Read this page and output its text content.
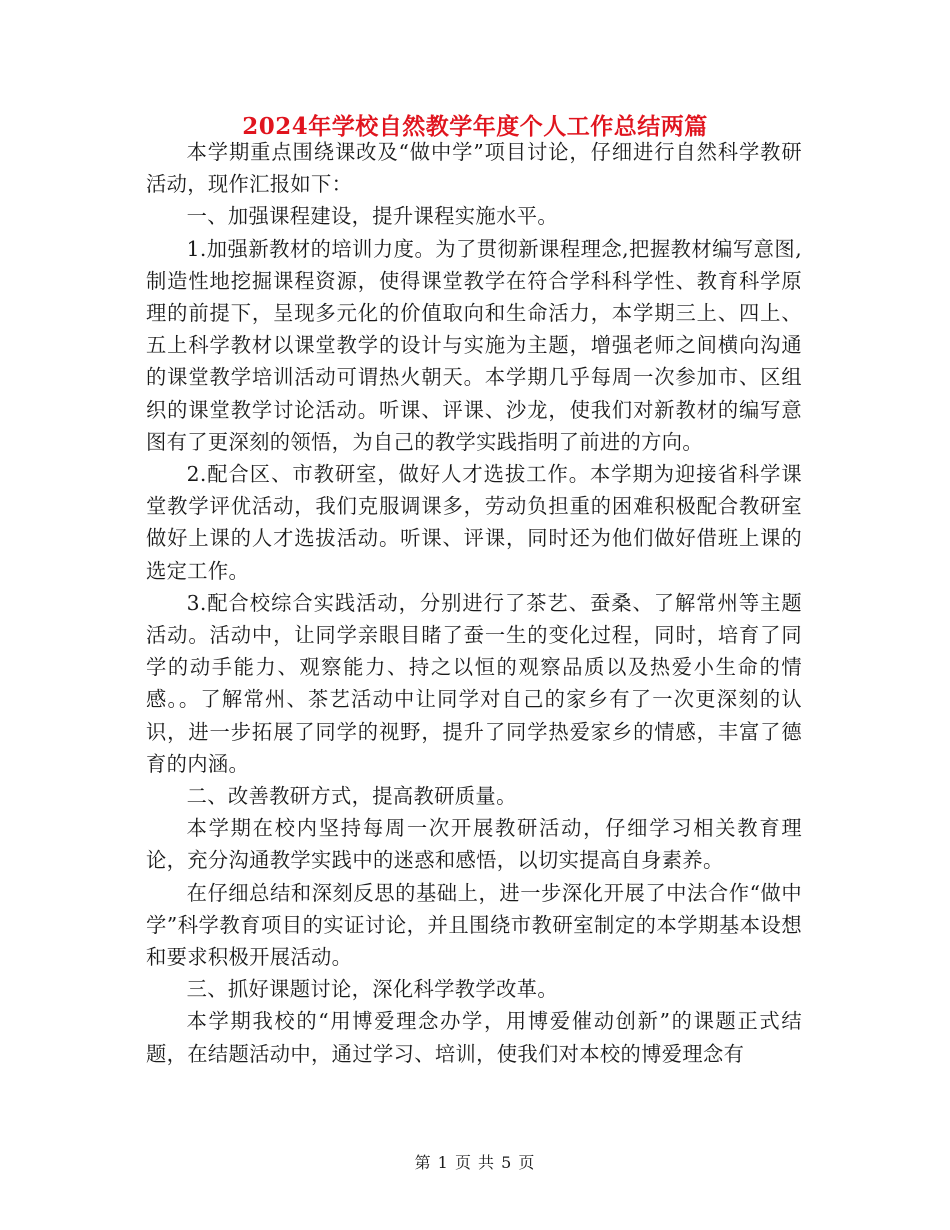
2024年学校自然教学年度个人工作总结两篇

本学期重点围绕课改及“做中学”项目讨论，仔细进行自然科学教研活动，现作汇报如下：

一、加强课程建设，提升课程实施水平。

1.加强新教材的培训力度。为了贯彻新课程理念,把握教材编写意图,制造性地挖掘课程资源，使得课堂教学在符合学科科学性、教育科学原理的前提下，呈现多元化的价值取向和生命活力，本学期三上、四上、五上科学教材以课堂教学的设计与实施为主题，增强老师之间横向沟通的课堂教学培训活动可谓热火朝天。本学期几乎每周一次参加市、区组织的课堂教学讨论活动。听课、评课、沙龙，使我们对新教材的编写意图有了更深刻的领悟，为自己的教学实践指明了前进的方向。

2.配合区、市教研室，做好人才选拔工作。本学期为迎接省科学课堂教学评优活动，我们克服调课多，劳动负担重的困难积极配合教研室做好上课的人才选拔活动。听课、评课，同时还为他们做好借班上课的选定工作。

3.配合校综合实践活动，分别进行了茶艺、蚕桑、了解常州等主题活动。活动中，让同学亲眼目睹了蚕一生的变化过程，同时，培育了同学的动手能力、观察能力、持之以恒的观察品质以及热爱小生命的情感。。了解常州、茶艺活动中让同学对自己的家乡有了一次更深刻的认识，进一步拓展了同学的视野，提升了同学热爱家乡的情感，丰富了德育的内涵。

二、改善教研方式，提高教研质量。

本学期在校内坚持每周一次开展教研活动，仔细学习相关教育理论，充分沟通教学实践中的迷惑和感悟，以切实提高自身素养。

在仔细总结和深刻反思的基础上，进一步深化开展了中法合作“做中学”科学教育项目的实证讨论，并且围绕市教研室制定的本学期基本设想和要求积极开展活动。

三、抓好课题讨论，深化科学教学改革。

本学期我校的“用博爱理念办学，用博爱催动创新”的课题正式结题，在结题活动中，通过学习、培训，使我们对本校的博爱理念有

第 1 页 共 5 页
